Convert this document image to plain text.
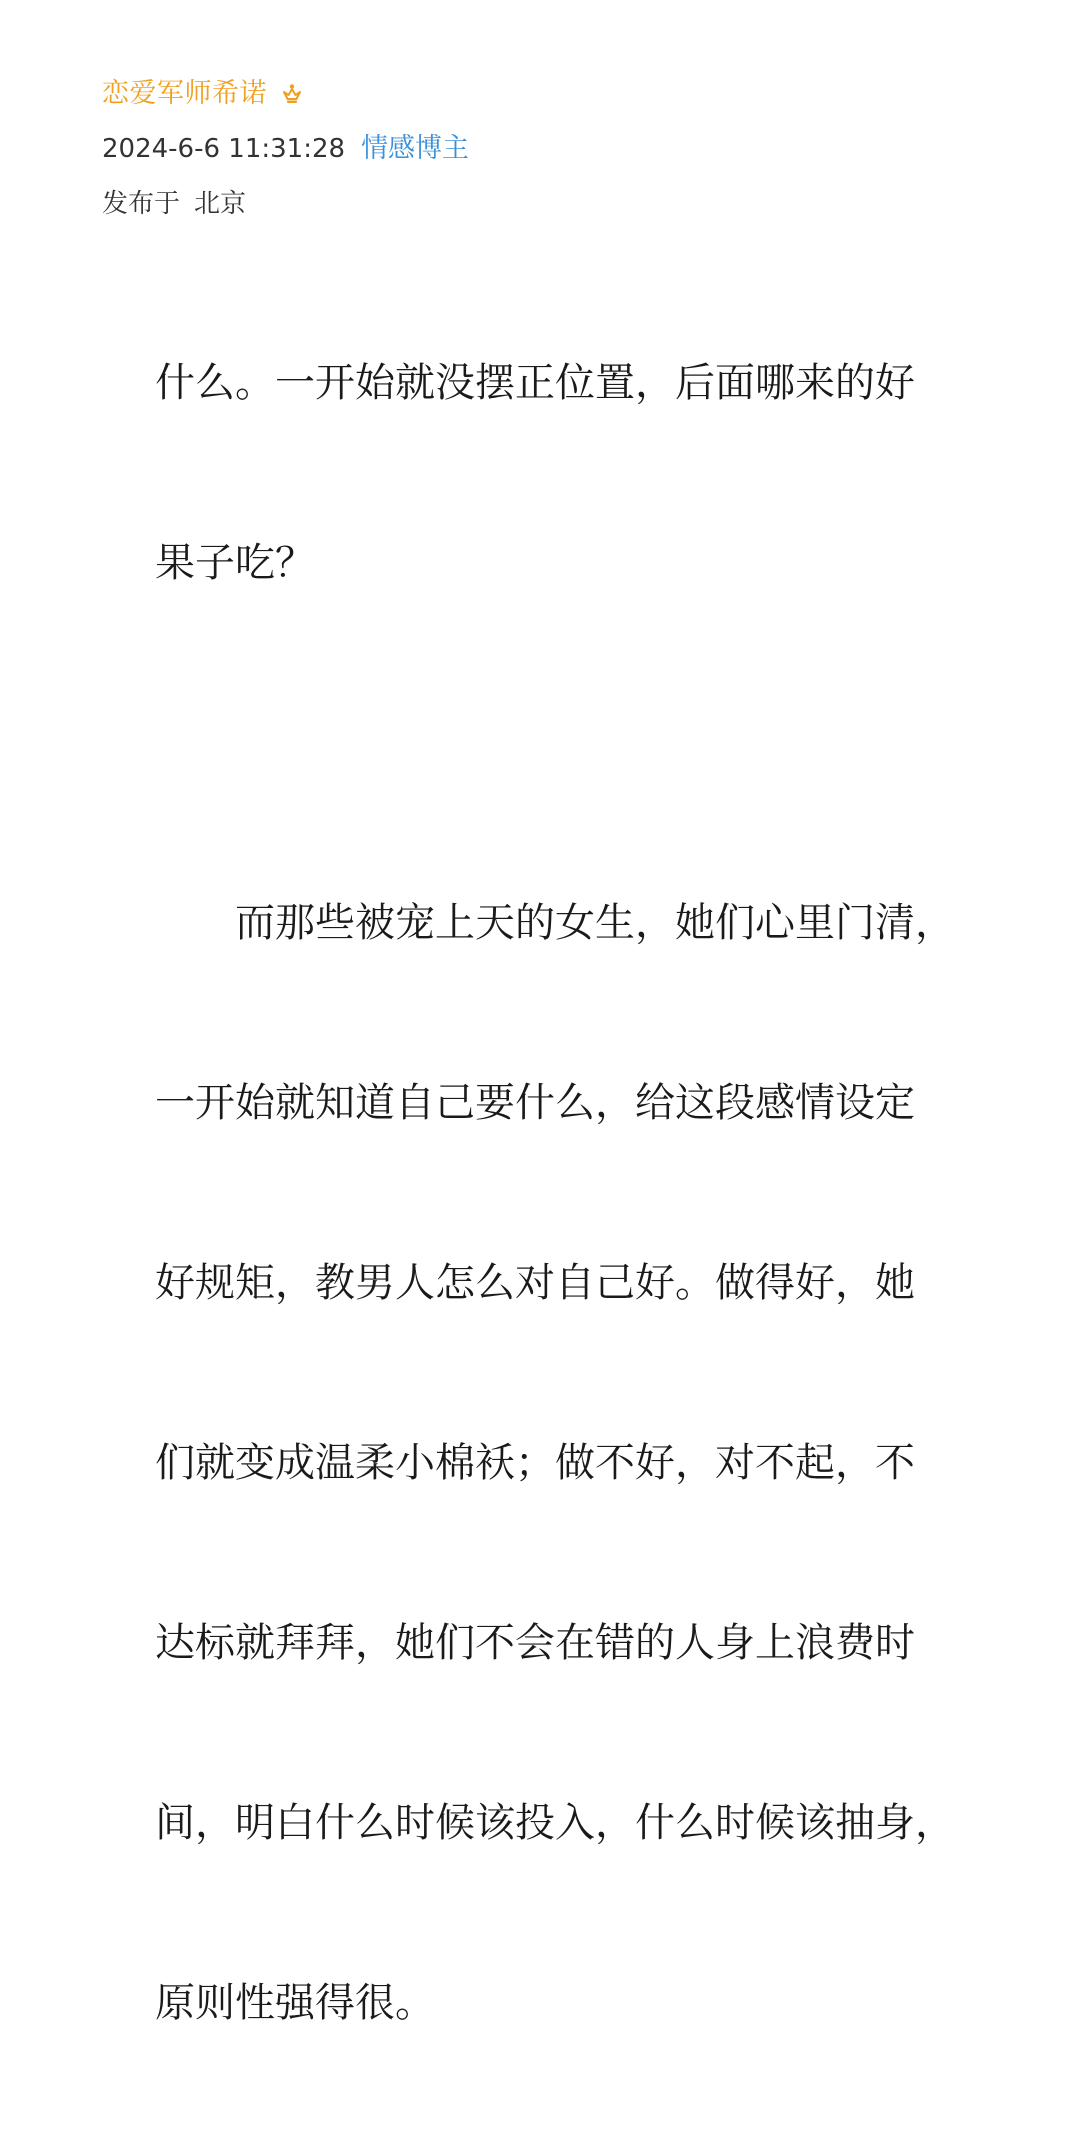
恋爱军师希诺
2024-6-6 11:31:28 情感博主
发布于 北京

什么。一开始就没摆正位置，后面哪来的好

果子吃？

　　而那些被宠上天的女生，她们心里门清，

一开始就知道自己要什么，给这段感情设定

好规矩，教男人怎么对自己好。做得好，她

们就变成温柔小棉袄；做不好，对不起，不

达标就拜拜，她们不会在错的人身上浪费时

间，明白什么时候该投入，什么时候该抽身，

原则性强得很。
